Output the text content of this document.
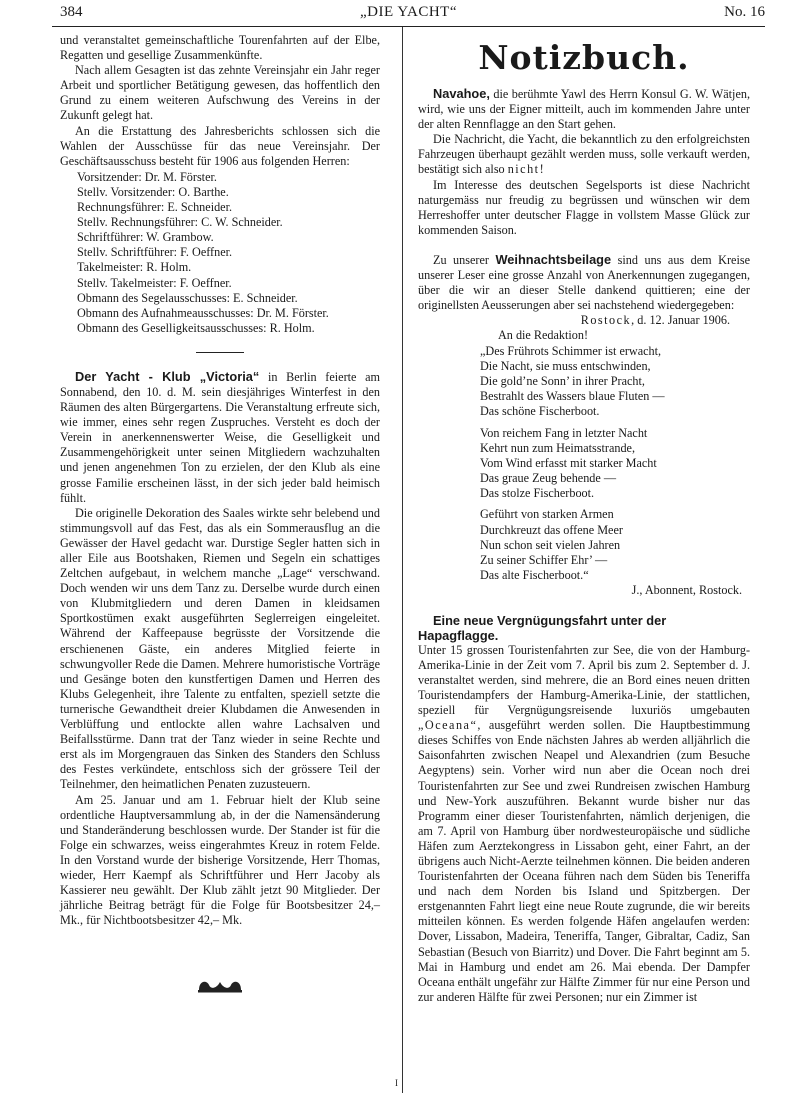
384	„DIE YACHT“	No. 16

und veranstaltet gemeinschaftliche Tourenfahrten auf der Elbe, Regatten und gesellige Zusammenkünfte.

Nach allem Gesagten ist das zehnte Vereinsjahr ein Jahr reger Arbeit und sportlicher Betätigung gewesen, das hoffentlich den Grund zu einem weiteren Aufschwung des Vereins in der Zukunft gelegt hat.

An die Erstattung des Jahresberichts schlossen sich die Wahlen der Ausschüsse für das neue Vereinsjahr. Der Geschäftsausschuss besteht für 1906 aus folgenden Herren:

Vorsitzender: Dr. M. Förster.
Stellv. Vorsitzender: O. Barthe.
Rechnungsführer: E. Schneider.
Stellv. Rechnungsführer: C. W. Schneider.
Schriftführer: W. Grambow.
Stellv. Schriftführer: F. Oeffner.
Takelmeister: R. Holm.
Stellv. Takelmeister: F. Oeffner.
Obmann des Segelausschusses: E. Schneider.
Obmann des Aufnahmeausschusses: Dr. M. Förster.
Obmann des Geselligkeitsausschusses: R. Holm.

Der Yacht - Klub „Victoria“ in Berlin feierte am Sonnabend, den 10. d. M. sein diesjähriges Winterfest in den Räumen des alten Bürgergartens. Die Veranstaltung erfreute sich, wie immer, eines sehr regen Zuspruches. Versteht es doch der Verein in anerkennenswerter Weise, die Geselligkeit und Zusammengehörigkeit unter seinen Mitgliedern wachzuhalten und jenen angenehmen Ton zu erzielen, der den Klub als eine grosse Familie erscheinen lässt, in der sich jeder bald heimisch fühlt.

Die originelle Dekoration des Saales wirkte sehr belebend und stimmungsvoll auf das Fest, das als ein Sommerausflug an die Gewässer der Havel gedacht war. Durstige Segler hatten sich in aller Eile aus Bootshaken, Riemen und Segeln ein schattiges Zeltchen aufgebaut, in welchem manche „Lage“ verschwand. Doch wenden wir uns dem Tanz zu. Derselbe wurde durch einen von Klubmitgliedern und deren Damen in kleidsamen Sportkostümen exakt ausgeführten Seglerreigen eingeleitet. Während der Kaffeepause begrüsste der Vorsitzende die erschienenen Gäste, ein anderes Mitglied feierte in schwungvoller Rede die Damen. Mehrere humoristische Vorträge und Gesänge boten den kunstfertigen Damen und Herren des Klubs Gelegenheit, ihre Talente zu entfalten, speziell setzte die turnerische Gewandtheit dreier Klubdamen die Anwesenden in Verblüffung und entlockte allen wahre Lachsalven und Beifallsstürme. Dann trat der Tanz wieder in seine Rechte und erst als im Morgengrauen das Sinken des Standers den Schluss des Festes verkündete, entschloss sich der grössere Teil der Teilnehmer, den heimatlichen Penaten zuzusteuern.

Am 25. Januar und am 1. Februar hielt der Klub seine ordentliche Hauptversammlung ab, in der die Namensänderung und Standeränderung beschlossen wurde. Der Stander ist für die Folge ein schwarzes, weiss eingerahmtes Kreuz in rotem Felde. In den Vorstand wurde der bisherige Vorsitzende, Herr Thomas, wieder, Herr Kaempf als Schriftführer und Herr Jacoby als Kassierer neu gewählt. Der Klub zählt jetzt 90 Mitglieder. Der jährliche Beitrag beträgt für die Folge für Bootsbesitzer 24,– Mk., für Nichtbootsbesitzer 42,– Mk.

Notizbuch.

Navahoe, die berühmte Yawl des Herrn Konsul G. W. Wätjen, wird, wie uns der Eigner mitteilt, auch im kommenden Jahre unter der alten Rennflagge an den Start gehen.

Die Nachricht, die Yacht, die bekanntlich zu den erfolgreichsten Fahrzeugen überhaupt gezählt werden muss, solle verkauft werden, bestätigt sich also nicht!

Im Interesse des deutschen Segelsports ist diese Nachricht naturgemäss nur freudig zu begrüssen und wünschen wir dem Herreshoffer unter deutscher Flagge in vollstem Masse Glück zur kommenden Saison.

Zu unserer Weihnachtsbeilage sind uns aus dem Kreise unserer Leser eine grosse Anzahl von Anerkennungen zugegangen, über die wir an dieser Stelle dankend quittieren; eine der originellsten Aeusserungen aber sei nachstehend wiedergegeben:

Rostock, d. 12. Januar 1906.
An die Redaktion!
„Des Frührots Schimmer ist erwacht,
Die Nacht, sie muss entschwinden,
Die gold’ne Sonn’ in ihrer Pracht,
Bestrahlt des Wassers blaue Fluten —
Das schöne Fischerboot.
Von reichem Fang in letzter Nacht
Kehrt nun zum Heimatsstrande,
Vom Wind erfasst mit starker Macht
Das graue Zeug behende —
Das stolze Fischerboot.
Geführt von starken Armen
Durchkreuzt das offene Meer
Nun schon seit vielen Jahren
Zu seiner Schiffer Ehr’ —
Das alte Fischerboot.“
J., Abonnent, Rostock.

Eine neue Vergnügungsfahrt unter der Hapagflagge.

Unter 15 grossen Touristenfahrten zur See, die von der Hamburg-Amerika-Linie in der Zeit vom 7. April bis zum 2. September d. J. veranstaltet werden, sind mehrere, die an Bord eines neuen dritten Touristendampfers der Hamburg-Amerika-Linie, der stattlichen, speziell für Vergnügungsreisende luxuriös umgebauten „Oceana“, ausgeführt werden sollen. Die Hauptbestimmung dieses Schiffes von Ende nächsten Jahres ab werden alljährlich die Saisonfahrten zwischen Neapel und Alexandrien (zum Besuche Aegyptens) sein. Vorher wird nun aber die Ocean noch drei Touristenfahrten zur See und zwei Rundreisen zwischen Hamburg und New-York auszuführen. Bekannt wurde bisher nur das Programm einer dieser Touristenfahrten, nämlich derjenigen, die am 7. April von Hamburg über nordwesteuropäische und südliche Häfen zum Aerztekongress in Lissabon geht, einer Fahrt, an der übrigens auch Nicht-Aerzte teilnehmen können. Die beiden anderen Touristenfahrten der Oceana führen nach dem Süden bis Teneriffa und nach dem Norden bis Island und Spitzbergen. Der erstgenannten Fahrt liegt eine neue Route zugrunde, die wir bereits mitteilen können. Es werden folgende Häfen angelaufen werden: Dover, Lissabon, Madeira, Teneriffa, Tanger, Gibraltar, Cadiz, San Sebastian (Besuch von Biarritz) und Dover. Die Fahrt beginnt am 5. Mai in Hamburg und endet am 26. Mai ebenda. Der Dampfer Oceana enthält ungefähr zur Hälfte Zimmer für nur eine Person und zur anderen Hälfte für zwei Personen; nur ein Zimmer ist

I
